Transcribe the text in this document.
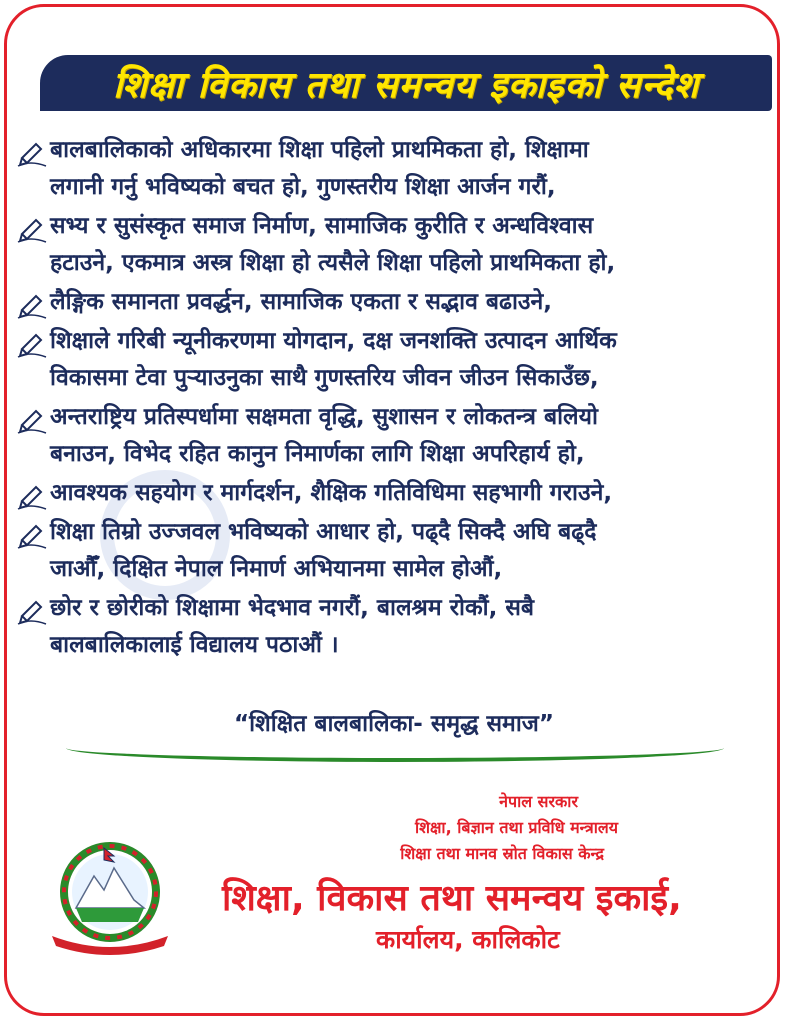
शिक्षा विकास तथा समन्वय इकाइको सन्देश
बालबालिकाको अधिकारमा शिक्षा पहिलो प्राथमिकता हो, शिक्षामा
लगानी गर्नु भविष्यको बचत हो, गुणस्तरीय शिक्षा आर्जन गरौं,
सभ्य र सुसंस्कृत समाज निर्माण, सामाजिक कुरीति र अन्धविश्वास
हटाउने, एकमात्र अस्त्र शिक्षा हो त्यसैले शिक्षा पहिलो प्राथमिकता हो,
लैङ्गिक समानता प्रवर्द्धन, सामाजिक एकता र सद्भाव बढाउने,
शिक्षाले गरिबी न्यूनीकरणमा योगदान, दक्ष जनशक्ति उत्पादन आर्थिक
विकासमा टेवा पुऱ्याउनुका साथै गुणस्तरिय जीवन जीउन सिकाउँछ,
अन्तराष्ट्रिय प्रतिस्पर्धामा सक्षमता वृद्धि, सुशासन र लोकतन्त्र बलियो
बनाउन, विभेद रहित कानुन निमार्णका लागि शिक्षा अपरिहार्य हो,
आवश्यक सहयोग र मार्गदर्शन, शैक्षिक गतिविधिमा सहभागी गराउने,
शिक्षा तिम्रो उज्जवल भविष्यको आधार हो, पढ्दै सिक्दै अघि बढ्दै
जाऔँ, दिक्षित नेपाल निमार्ण अभियानमा सामेल होऔं,
छोर र छोरीको शिक्षामा भेदभाव नगरौं, बालश्रम रोकौं, सबै
बालबालिकालाई विद्यालय पठाऔं ।
“शिक्षित बालबालिका- समृद्ध समाज”
नेपाल सरकार
शिक्षा, बिज्ञान तथा प्रविधि मन्त्रालय
शिक्षा तथा मानव स्रोत विकास केन्द्र
शिक्षा, विकास तथा समन्वय इकाई,
कार्यालय, कालिकोट
